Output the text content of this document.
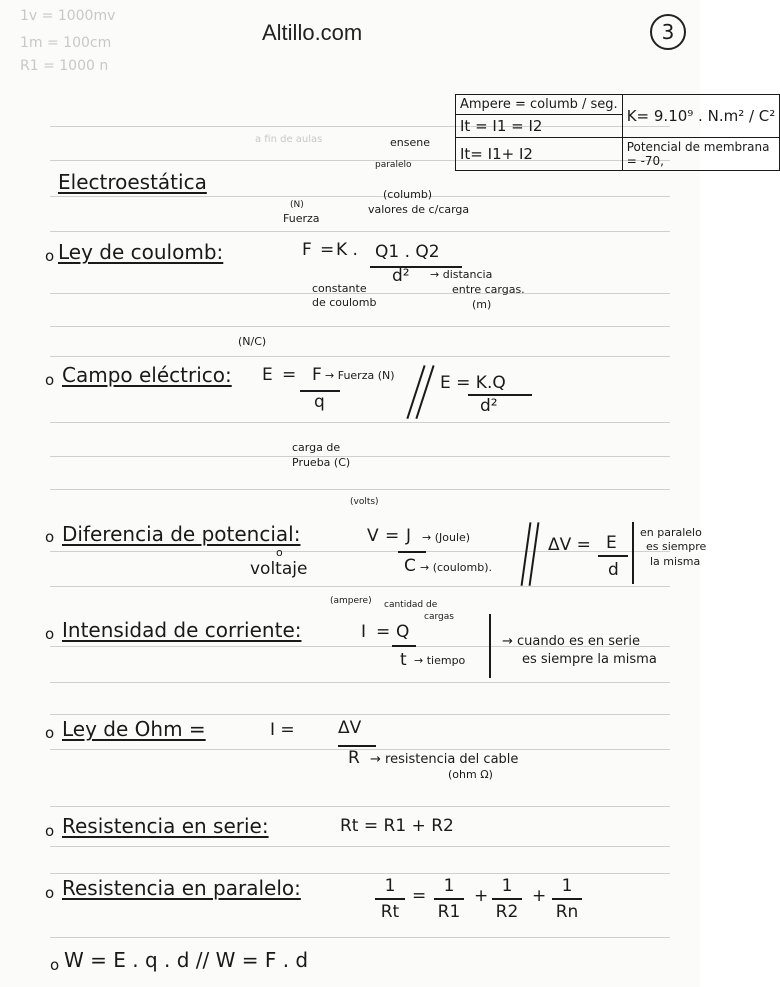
1v = 1000mv
1m = 100cm
R1 = 1000 n
Altillo.com	3
a fin de aulas
Ampere = columb / seg.	K= 9.10⁹ . N.m² / C²
It = I1 = I2	
It= I1+ I2	Potencial de membrana = -70,
ensene
paralelo
Electroestática
(N)
Fuerza
(columb)
valores de c/carga
o Ley de coulomb:	F = K . Q1 . Q2
d² → distancia
entre cargas.
(m)
constante
de coulomb
(N/C)
o Campo eléctrico: E = F → Fuerza (N)
q
carga de
Prueba (C)
E = K.Q
d²
(volts)
o Diferencia de potencial:
o
voltaje
V = J → (Joule)
C → (coulomb).
ΔV = E
d
en paralelo
es siempre
la misma
(ampere) cantidad de
cargas
o Intensidad de corriente:	I = Q
t → tiempo
→ cuando es en serie
es siempre la misma
o Ley de Ohm =	I =	ΔV
R → resistencia del cable
(ohm Ω)
o Resistencia en serie:	Rt = R1 + R2
o Resistencia en paralelo:	1
Rt
=	1
R1
+ 1
R2
+ 1
Rn
o W = E . q . d // W = F . d
